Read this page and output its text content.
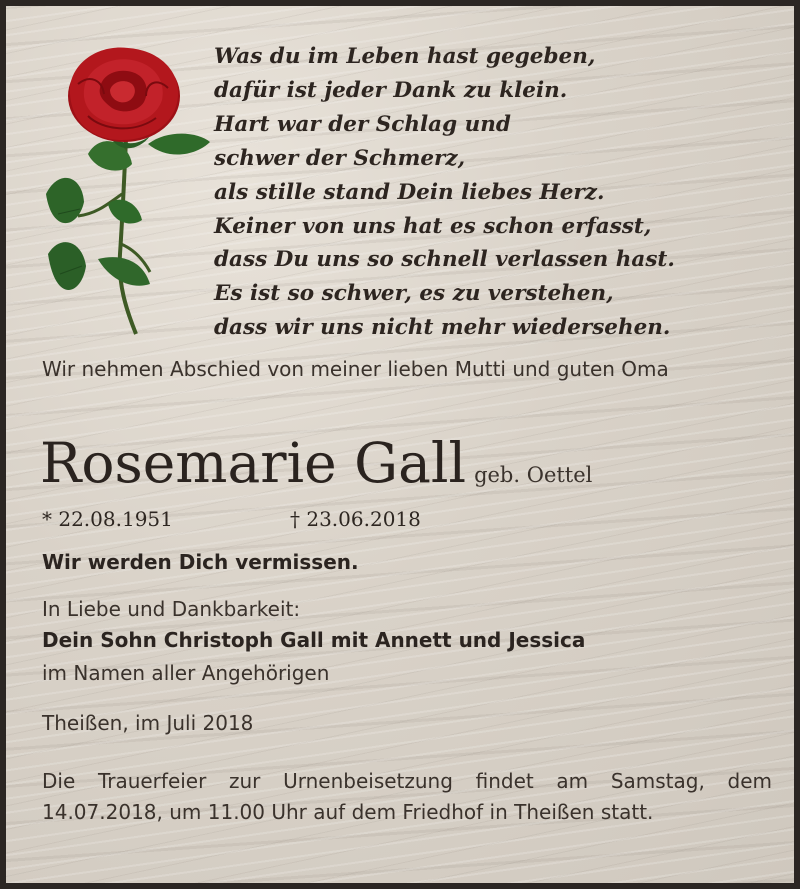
Was du im Leben hast gegeben,
dafür ist jeder Dank zu klein.
Hart war der Schlag und
schwer der Schmerz,
als stille stand Dein liebes Herz.
Keiner von uns hat es schon erfasst,
dass Du uns so schnell verlassen hast.
Es ist so schwer, es zu verstehen,
dass wir uns nicht mehr wiedersehen.
Wir nehmen Abschied von meiner lieben Mutti und guten Oma
Rosemarie Gall geb. Oettel
* 22.08.1951	† 23.06.2018
Wir werden Dich vermissen.
In Liebe und Dankbarkeit:
Dein Sohn Christoph Gall mit Annett und Jessica
im Namen aller Angehörigen
Theißen, im Juli 2018
Die Trauerfeier zur Urnenbeisetzung findet am Samstag, dem 14.07.2018, um 11.00 Uhr auf dem Friedhof in Theißen statt.
